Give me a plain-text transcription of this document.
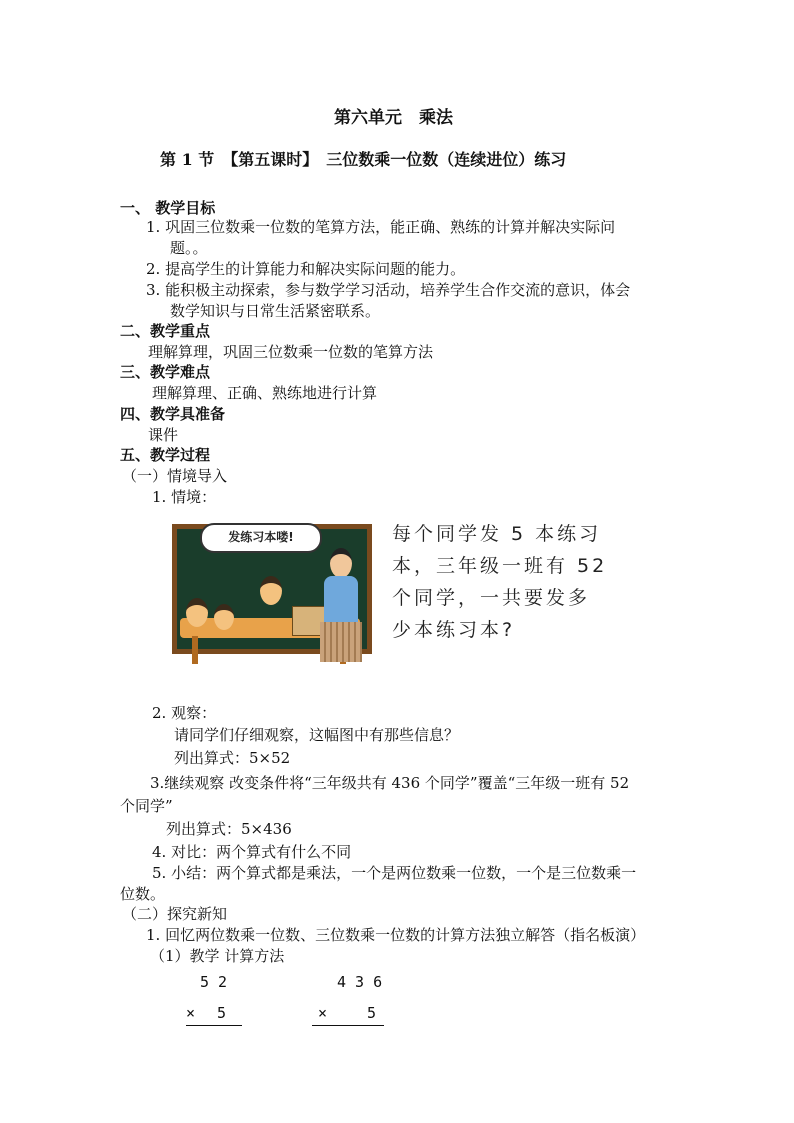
第六单元　乘法
第 1 节　【第五课时】　三位数乘一位数（连续进位）练习
一、 教学目标
1. 巩固三位数乘一位数的笔算方法，能正确、熟练的计算并解决实际问
题。。
2. 提高学生的计算能力和解决实际问题的能力。
3. 能积极主动探索，参与数学学习活动，培养学生合作交流的意识，体会
数学知识与日常生活紧密联系。
二、教学重点
理解算理，巩固三位数乘一位数的笔算方法
三、教学难点
理解算理、正确、熟练地进行计算
四、教学具准备
课件
五、教学过程
（一）情境导入
1. 情境：
发练习本喽!	每个同学发 5 本练习
本，三年级一班有 52
个同学，一共要发多
少本练习本?
2. 观察：
请同学们仔细观察，这幅图中有那些信息？
列出算式：5×52
3.继续观察 改变条件将“三年级共有 436 个同学”覆盖“三年级一班有 52
个同学”
列出算式：5×436
4. 对比：两个算式有什么不同
5. 小结：两个算式都是乘法，一个是两位数乘一位数，一个是三位数乘一
位数。
（二）探究新知
1. 回忆两位数乘一位数、三位数乘一位数的计算方法独立解答（指名板演）
（1）教学 计算方法
5 2
× 5
4 3 6
×	5
